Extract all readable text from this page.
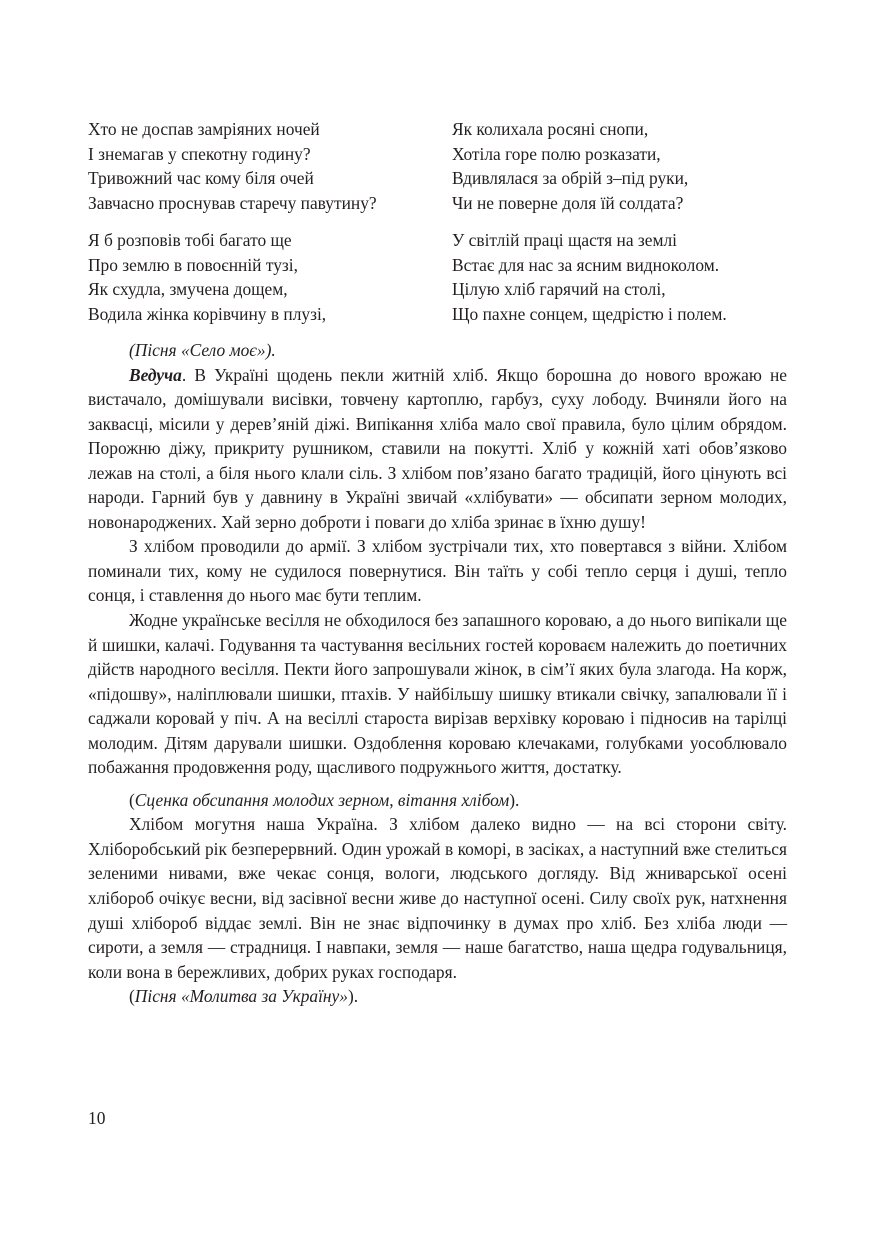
Хто не доспав замріяних ночей
І знемагав у спекотну годину?
Тривожний час кому біля очей
Завчасно проснував старечу павутину?
Як колихала росяні снопи,
Хотіла горе полю розказати,
Вдивлялася за обрій з–під руки,
Чи не поверне доля їй солдата?
Я б розповів тобі багато ще
Про землю в повоєнній тузі,
Як схудла, змучена дощем,
Водила жінка корівчину в плузі,
У світлій праці щастя на землі
Встає для нас за ясним видноколом.
Цілую хліб гарячий на столі,
Що пахне сонцем, щедрістю і полем.

(Пісня «Село моє»).

Ведуча. В Україні щодень пекли житній хліб. Якщо борошна до нового врожаю не вистачало, домішували висівки, товчену картоплю, гарбуз, суху лободу. Вчиняли його на заквасці, місили у дерев’яній діжі. Випікання хліба мало свої правила, було цілим обрядом. Порожню діжу, прикриту рушником, ставили на покутті. Хліб у кожній хаті обов’язково лежав на столі, а біля нього клали сіль. З хлібом пов’язано багато традицій, його цінують всі народи. Гарний був у давнину в Україні звичай «хлібувати» — обсипати зерном молодих, новонароджених. Хай зерно доброти і поваги до хліба зринає в їхню душу!

З хлібом проводили до армії. З хлібом зустрічали тих, хто повертався з війни. Хлібом поминали тих, кому не судилося повернутися. Він таїть у собі тепло серця і душі, тепло сонця, і ставлення до нього має бути теплим.

Жодне українське весілля не обходилося без запашного короваю, а до нього випікали ще й шишки, калачі. Годування та частування весільних гостей короваєм належить до поетичних дійств народного весілля. Пекти його запрошували жінок, в сім’ї яких була злагода. На корж, «підошву», наліплювали шишки, птахів. У найбільшу шишку втикали свічку, запалювали її і саджали коровай у піч. А на весіллі староста вирізав верхівку короваю і підносив на тарілці молодим. Дітям дарували шишки. Оздоблення короваю клечаками, голубками уособлювало побажання продовження роду, щасливого подружнього життя, достатку.

(Сценка обсипання молодих зерном, вітання хлібом).

Хлібом могутня наша Україна. З хлібом далеко видно — на всі сторони світу. Хліборобський рік безперервний. Один урожай в коморі, в засіках, а наступний вже стелиться зеленими нивами, вже чекає сонця, вологи, людського догляду. Від жниварської осені хлібороб очікує весни, від засівної весни живе до наступної осені. Силу своїх рук, натхнення душі хлібороб віддає землі. Він не знає відпочинку в думах про хліб. Без хліба люди — сироти, а земля — страдниця. І навпаки, земля — наше багатство, наша щедра годувальниця, коли вона в бережливих, добрих руках господаря.

(Пісня «Молитва за Україну»).

10
